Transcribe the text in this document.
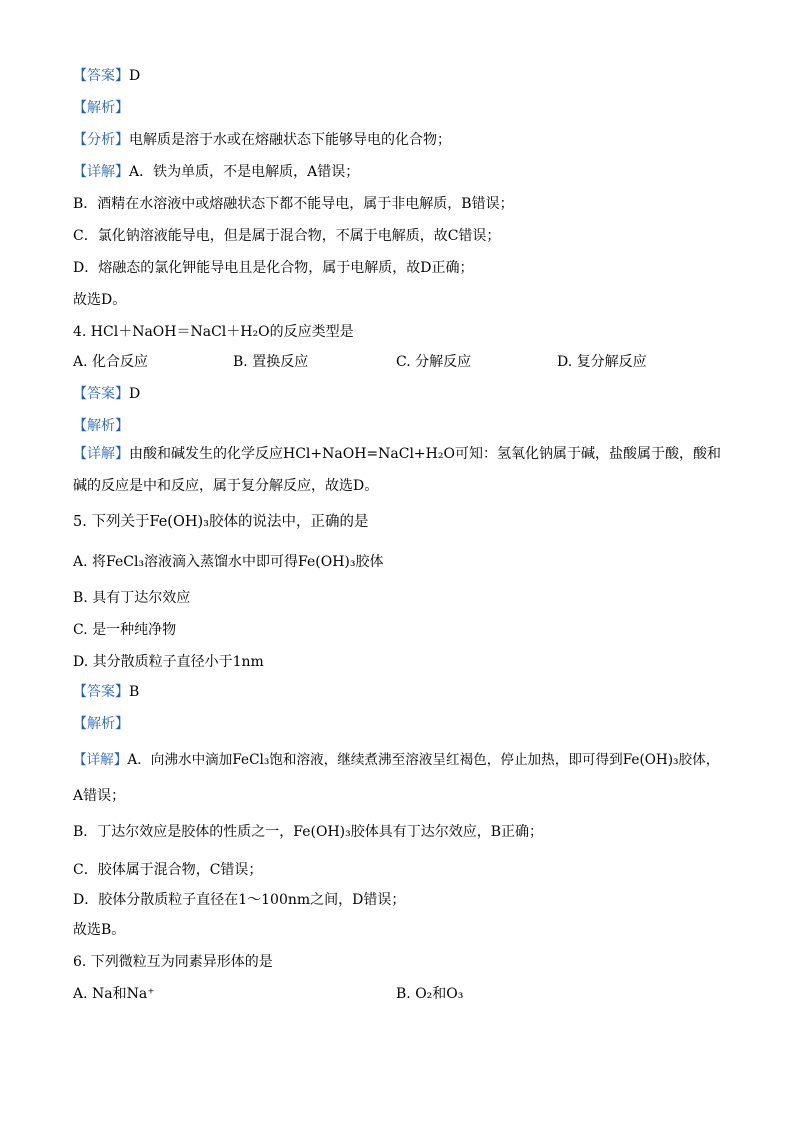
【答案】D
【解析】
【分析】电解质是溶于水或在熔融状态下能够导电的化合物；
【详解】A．铁为单质，不是电解质，A错误；
B．酒精在水溶液中或熔融状态下都不能导电，属于非电解质，B错误；
C．氯化钠溶液能导电，但是属于混合物，不属于电解质，故C错误；
D．熔融态的氯化钾能导电且是化合物，属于电解质，故D正确；
故选D。
4. HCl＋NaOH＝NaCl＋H₂O的反应类型是
A. 化合反应	B. 置换反应	C. 分解反应	D. 复分解反应
【答案】D
【解析】
【详解】由酸和碱发生的化学反应HCl+NaOH=NaCl+H₂O可知：氢氧化钠属于碱，盐酸属于酸，酸和碱的反应是中和反应，属于复分解反应，故选D。
5. 下列关于Fe(OH)₃胶体的说法中，正确的是
A. 将FeCl₃溶液滴入蒸馏水中即可得Fe(OH)₃胶体
B. 具有丁达尔效应
C. 是一种纯净物
D. 其分散质粒子直径小于1nm
【答案】B
【解析】
【详解】A．向沸水中滴加FeCl₃饱和溶液，继续煮沸至溶液呈红褐色，停止加热，即可得到Fe(OH)₃胶体，
A错误；
B．丁达尔效应是胶体的性质之一，Fe(OH)₃胶体具有丁达尔效应，B正确；
C．胶体属于混合物，C错误；
D．胶体分散质粒子直径在1～100nm之间，D错误；
故选B。
6. 下列微粒互为同素异形体的是
A. Na和Na⁺	B. O₂和O₃
